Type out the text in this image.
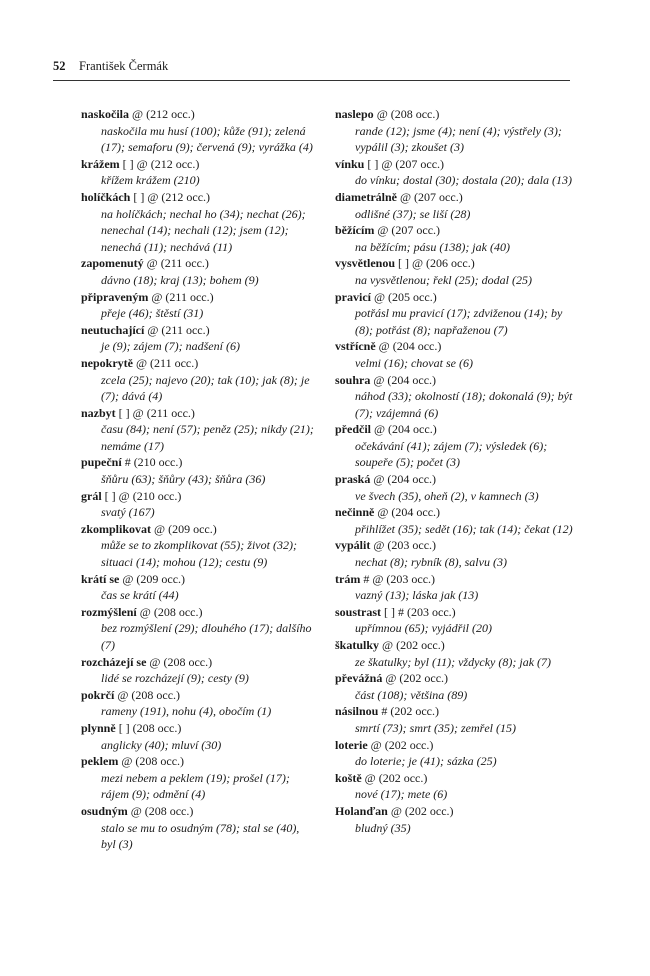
52 František Čermák
naskočila @ (212 occ.)
naskočila mu husí (100); kůže (91); zelená (17); semaforu (9); červená (9); vyrážka (4)
krážem [ ] @ (212 occ.)
křížem krážem (210)
holíčkách [ ] @ (212 occ.)
na holíčkách; nechal ho (34); nechat (26); nenechal (14); nechali (12); jsem (12); nenechá (11); nechává (11)
zapomenutý @ (211 occ.)
dávno (18); kraj (13); bohem (9)
připraveným @ (211 occ.)
přeje (46); štěstí (31)
neutuchající @ (211 occ.)
je (9); zájem (7); nadšení (6)
nepokrytě @ (211 occ.)
zcela (25); najevo (20); tak (10); jak (8); je (7); dává (4)
nazbyt [ ] @ (211 occ.)
času (84); není (57); peněz (25); nikdy (21); nemáme (17)
pupeční # (210 occ.)
šňůru (63); šňůry (43); šňůra (36)
grál [ ] @ (210 occ.)
svatý (167)
zkomplikovat @ (209 occ.)
může se to zkomplikovat (55); život (32); situaci (14); mohou (12); cestu (9)
krátí se @ (209 occ.)
čas se krátí (44)
rozmýšlení @ (208 occ.)
bez rozmýšlení (29); dlouhého (17); dalšího (7)
rozcházejí se @ (208 occ.)
lidé se rozcházejí (9); cesty (9)
pokrčí @ (208 occ.)
rameny (191), nohu (4), obočím (1)
plynně [ ] (208 occ.)
anglicky (40); mluví (30)
peklem @ (208 occ.)
mezi nebem a peklem (19); prošel (17); rájem (9); odmění (4)
osudným @ (208 occ.)
stalo se mu to osudným (78); stal se (40), byl (3)
naslepo @ (208 occ.)
rande (12); jsme (4); není (4); výstřely (3); vypálil (3); zkoušet (3)
vínku [ ] @ (207 occ.)
do vínku; dostal (30); dostala (20); dala (13)
diametrálně @ (207 occ.)
odlišné (37); se liší (28)
běžícím @ (207 occ.)
na běžícím; pásu (138); jak (40)
vysvětlenou [ ] @ (206 occ.)
na vysvětlenou; řekl (25); dodal (25)
pravicí @ (205 occ.)
potřásl mu pravicí (17); zdviženou (14); by (8); potřást (8); napřaženou (7)
vstřícně @ (204 occ.)
velmi (16); chovat se (6)
souhra @ (204 occ.)
náhod (33); okolností (18); dokonalá (9); být (7); vzájemná (6)
předčil @ (204 occ.)
očekávání (41); zájem (7); výsledek (6); soupeře (5); počet (3)
praská @ (204 occ.)
ve švech (35), oheň (2), v kamnech (3)
nečinně @ (204 occ.)
přihlížet (35); sedět (16); tak (14); čekat (12)
vypálit @ (203 occ.)
nechat (8); rybník (8), salvu (3)
trám # @ (203 occ.)
vazný (13); láska jak (13)
soustrast [ ] # (203 occ.)
upřímnou (65); vyjádřil (20)
škatulky @ (202 occ.)
ze škatulky; byl (11); vždycky (8); jak (7)
převážná @ (202 occ.)
část (108); většina (89)
násilnou # (202 occ.)
smrtí (73); smrt (35); zemřel (15)
loterie @ (202 occ.)
do loterie; je (41); sázka (25)
koště @ (202 occ.)
nové (17); mete (6)
Holanďan @ (202 occ.)
bludný (35)
